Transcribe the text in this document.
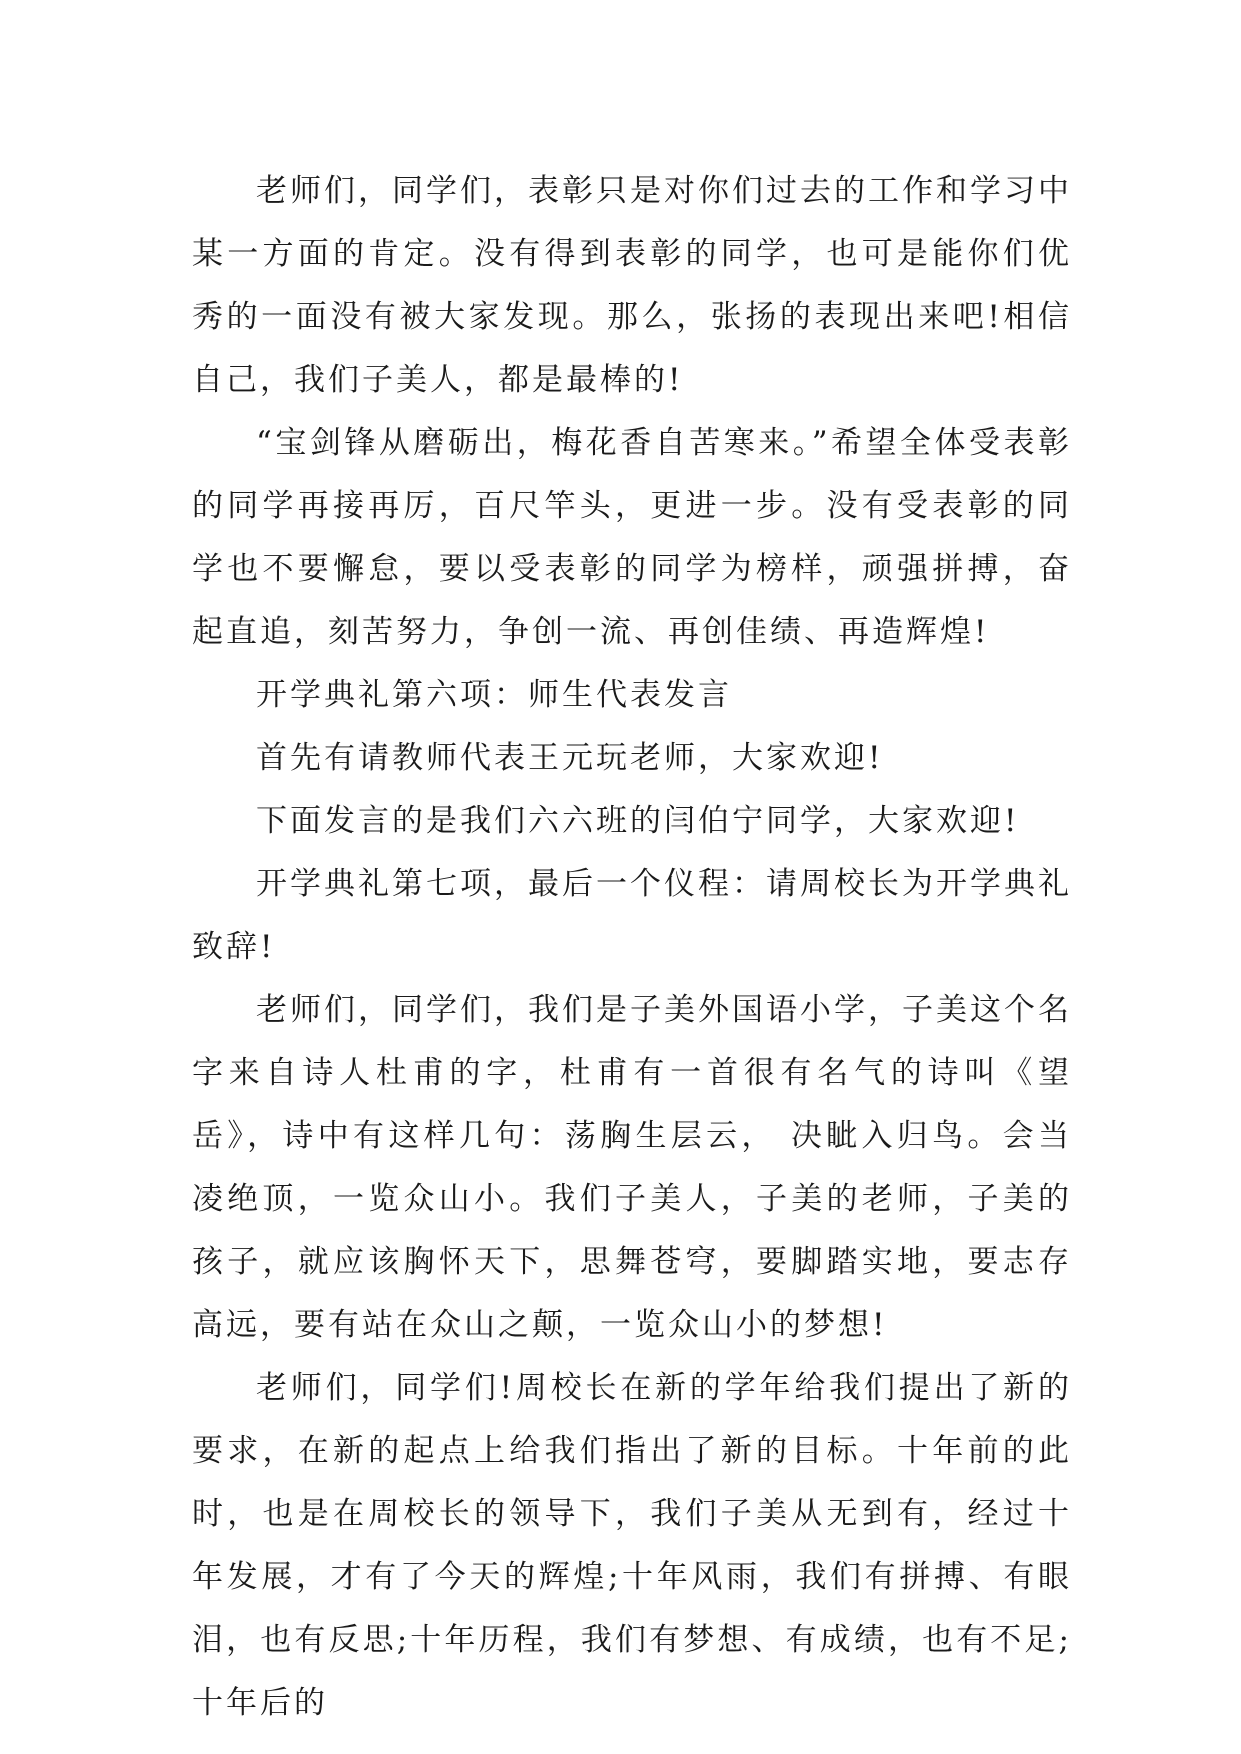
老师们，同学们，表彰只是对你们过去的工作和学习中某一方面的肯定。没有得到表彰的同学，也可是能你们优秀的一面没有被大家发现。那么，张扬的表现出来吧!相信自己，我们子美人，都是最棒的!

“宝剑锋从磨砺出，梅花香自苦寒来。”希望全体受表彰的同学再接再厉，百尺竿头，更进一步。没有受表彰的同学也不要懈怠，要以受表彰的同学为榜样，顽强拼搏，奋起直追，刻苦努力，争创一流、再创佳绩、再造辉煌!

开学典礼第六项：师生代表发言

首先有请教师代表王元玩老师，大家欢迎!

下面发言的是我们六六班的闫伯宁同学，大家欢迎!

开学典礼第七项，最后一个仪程：请周校长为开学典礼致辞!

老师们，同学们，我们是子美外国语小学，子美这个名字来自诗人杜甫的字，杜甫有一首很有名气的诗叫《望岳》，诗中有这样几句：荡胸生层云， 决眦入归鸟。会当凌绝顶，一览众山小。我们子美人，子美的老师，子美的孩子，就应该胸怀天下，思舞苍穹，要脚踏实地，要志存高远，要有站在众山之颠，一览众山小的梦想!

老师们，同学们!周校长在新的学年给我们提出了新的要求，在新的起点上给我们指出了新的目标。十年前的此时，也是在周校长的领导下，我们子美从无到有，经过十年发展，才有了今天的辉煌;十年风雨，我们有拼搏、有眼泪，也有反思;十年历程，我们有梦想、有成绩，也有不足;十年后的
